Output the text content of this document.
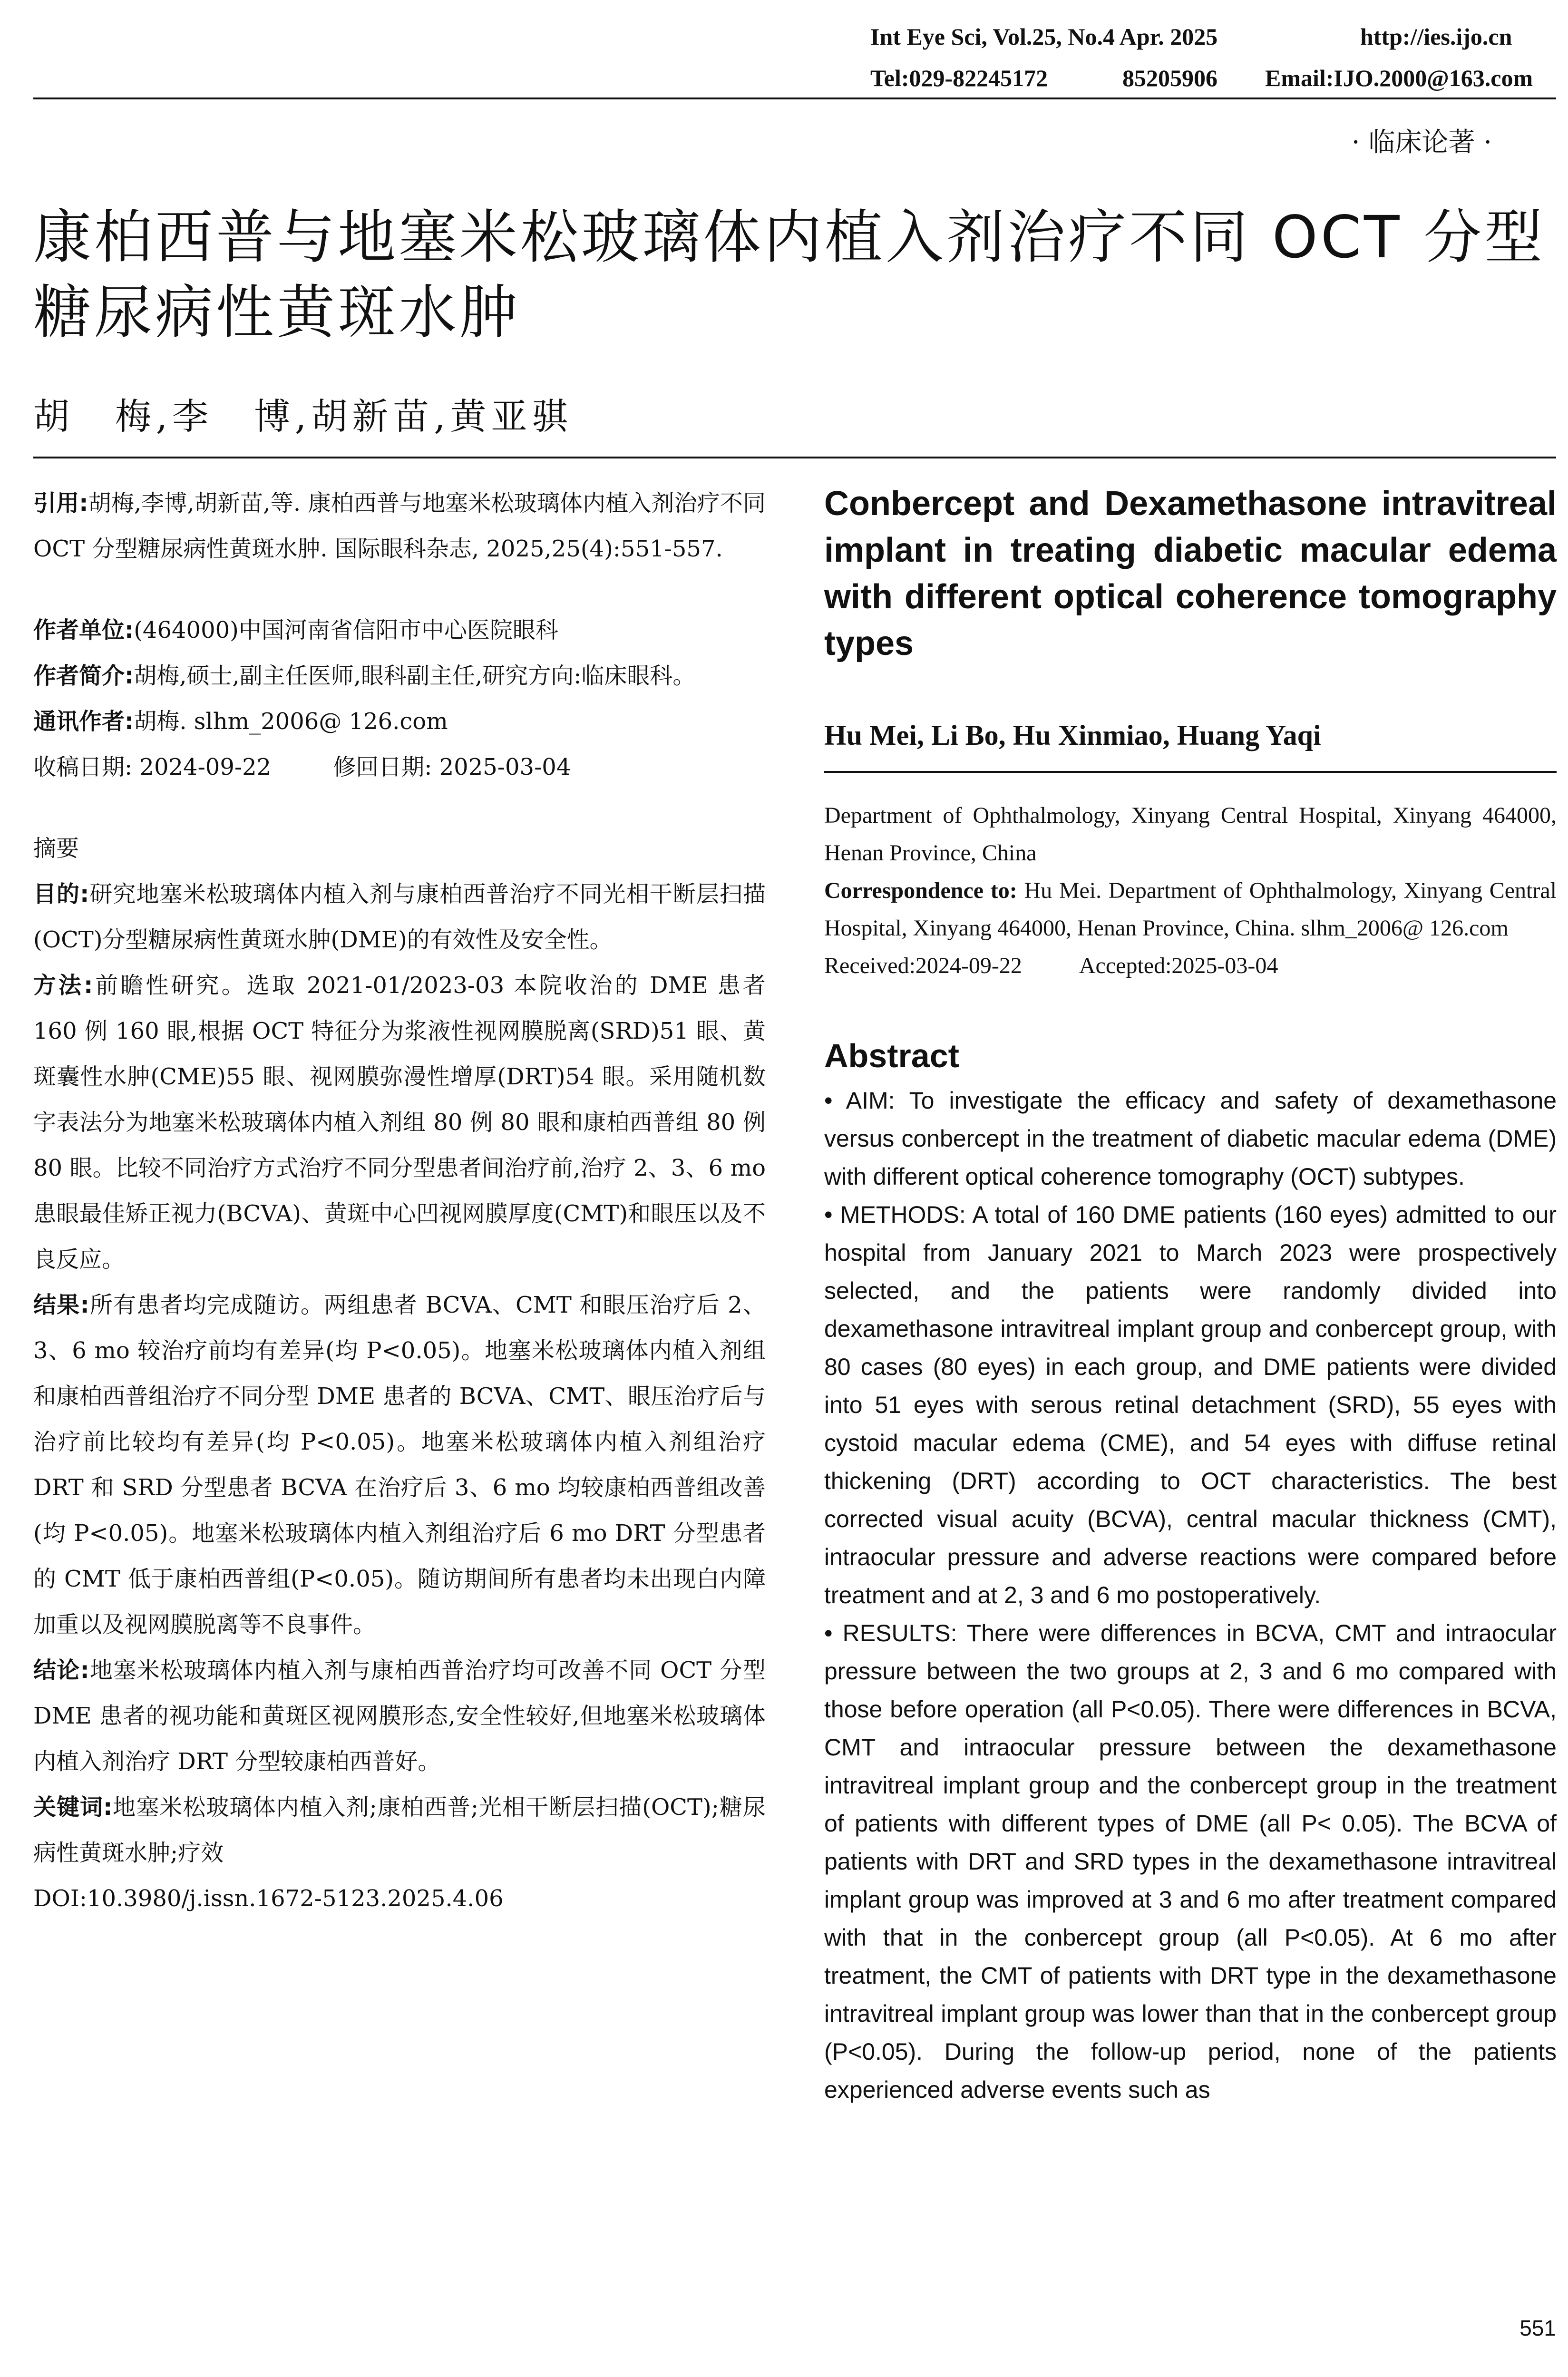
Int Eye Sci, Vol.25, No.4 Apr. 2025	http://ies.ijo.cn
Tel:029-82245172	85205906 Email:IJO.2000@163.com
· 临床论著 ·
康柏西普与地塞米松玻璃体内植入剂治疗不同 OCT 分型糖尿病性黄斑水肿
胡　梅,李　博,胡新苗,黄亚骐

引用:胡梅,李博,胡新苗,等. 康柏西普与地塞米松玻璃体内植入剂治疗不同 OCT 分型糖尿病性黄斑水肿. 国际眼科杂志, 2025,25(4):551-557.

作者单位:(464000)中国河南省信阳市中心医院眼科

作者简介:胡梅,硕士,副主任医师,眼科副主任,研究方向:临床眼科。

通讯作者:胡梅. slhm_2006@ 126.com

收稿日期: 2024-09-22	修回日期: 2025-03-04

摘要

目的:研究地塞米松玻璃体内植入剂与康柏西普治疗不同光相干断层扫描(OCT)分型糖尿病性黄斑水肿(DME)的有效性及安全性。

方法:前瞻性研究。选取 2021-01/2023-03 本院收治的 DME 患者 160 例 160 眼,根据 OCT 特征分为浆液性视网膜脱离(SRD)51 眼、黄斑囊性水肿(CME)55 眼、视网膜弥漫性增厚(DRT)54 眼。采用随机数字表法分为地塞米松玻璃体内植入剂组 80 例 80 眼和康柏西普组 80 例 80 眼。比较不同治疗方式治疗不同分型患者间治疗前,治疗 2、3、6 mo 患眼最佳矫正视力(BCVA)、黄斑中心凹视网膜厚度(CMT)和眼压以及不良反应。

结果:所有患者均完成随访。两组患者 BCVA、CMT 和眼压治疗后 2、3、6 mo 较治疗前均有差异(均 P<0.05)。地塞米松玻璃体内植入剂组和康柏西普组治疗不同分型 DME 患者的 BCVA、CMT、眼压治疗后与治疗前比较均有差异(均 P<0.05)。地塞米松玻璃体内植入剂组治疗 DRT 和 SRD 分型患者 BCVA 在治疗后 3、6 mo 均较康柏西普组改善(均 P<0.05)。地塞米松玻璃体内植入剂组治疗后 6 mo DRT 分型患者的 CMT 低于康柏西普组(P<0.05)。随访期间所有患者均未出现白内障加重以及视网膜脱离等不良事件。

结论:地塞米松玻璃体内植入剂与康柏西普治疗均可改善不同 OCT 分型 DME 患者的视功能和黄斑区视网膜形态,安全性较好,但地塞米松玻璃体内植入剂治疗 DRT 分型较康柏西普好。

关键词:地塞米松玻璃体内植入剂;康柏西普;光相干断层扫描(OCT);糖尿病性黄斑水肿;疗效

DOI:10.3980/j.issn.1672-5123.2025.4.06

Conbercept and Dexamethasone intravitreal implant in treating diabetic macular edema with different optical coherence tomography types

Hu Mei, Li Bo, Hu Xinmiao, Huang Yaqi

Department of Ophthalmology, Xinyang Central Hospital, Xinyang 464000, Henan Province, China

Correspondence to: Hu Mei. Department of Ophthalmology, Xinyang Central Hospital, Xinyang 464000, Henan Province, China. slhm_2006@ 126.com

Received:2024-09-22	Accepted:2025-03-04

Abstract

• AIM: To investigate the efficacy and safety of dexamethasone versus conbercept in the treatment of diabetic macular edema (DME) with different optical coherence tomography (OCT) subtypes.

• METHODS: A total of 160 DME patients (160 eyes) admitted to our hospital from January 2021 to March 2023 were prospectively selected, and the patients were randomly divided into dexamethasone intravitreal implant group and conbercept group, with 80 cases (80 eyes) in each group, and DME patients were divided into 51 eyes with serous retinal detachment (SRD), 55 eyes with cystoid macular edema (CME), and 54 eyes with diffuse retinal thickening (DRT) according to OCT characteristics. The best corrected visual acuity (BCVA), central macular thickness (CMT), intraocular pressure and adverse reactions were compared before treatment and at 2, 3 and 6 mo postoperatively.

• RESULTS: There were differences in BCVA, CMT and intraocular pressure between the two groups at 2, 3 and 6 mo compared with those before operation (all P<0.05). There were differences in BCVA, CMT and intraocular pressure between the dexamethasone intravitreal implant group and the conbercept group in the treatment of patients with different types of DME (all P< 0.05). The BCVA of patients with DRT and SRD types in the dexamethasone intravitreal implant group was improved at 3 and 6 mo after treatment compared with that in the conbercept group (all P<0.05). At 6 mo after treatment, the CMT of patients with DRT type in the dexamethasone intravitreal implant group was lower than that in the conbercept group (P<0.05). During the follow-up period, none of the patients experienced adverse events such as

551
